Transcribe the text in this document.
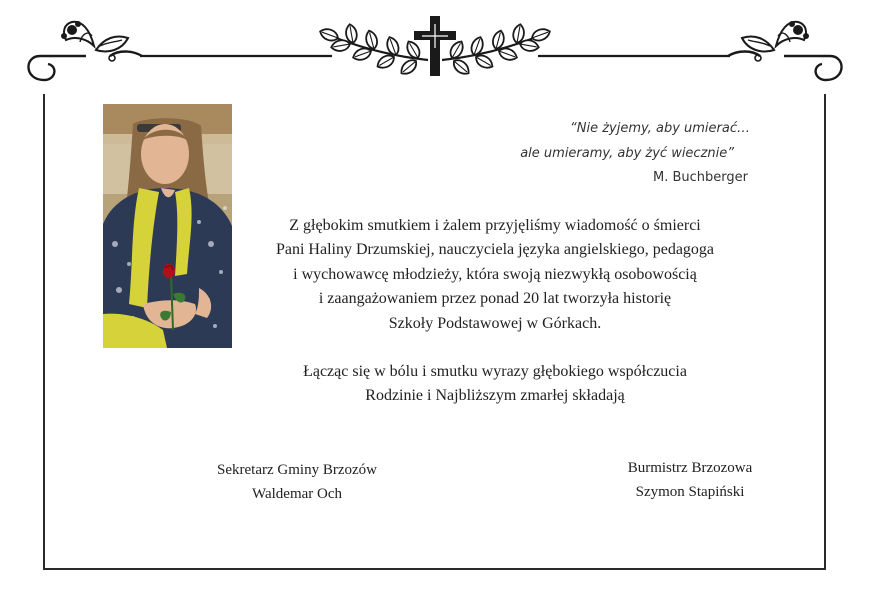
“Nie żyjemy, aby umierać…
ale umieramy, aby żyć wiecznie”
M. Buchberger
Z głębokim smutkiem i żalem przyjęliśmy wiadomość o śmierci
Pani Haliny Drzumskiej, nauczyciela języka angielskiego, pedagoga
i wychowawcę młodzieży, która swoją niezwykłą osobowością
i zaangażowaniem przez ponad 20 lat tworzyła historię
Szkoły Podstawowej w Górkach.
Łącząc się w bólu i smutku wyrazy głębokiego współczucia
Rodzinie i Najbliższym zmarłej składają
Sekretarz Gminy Brzozów
Waldemar Och
Burmistrz Brzozowa
Szymon Stapiński
